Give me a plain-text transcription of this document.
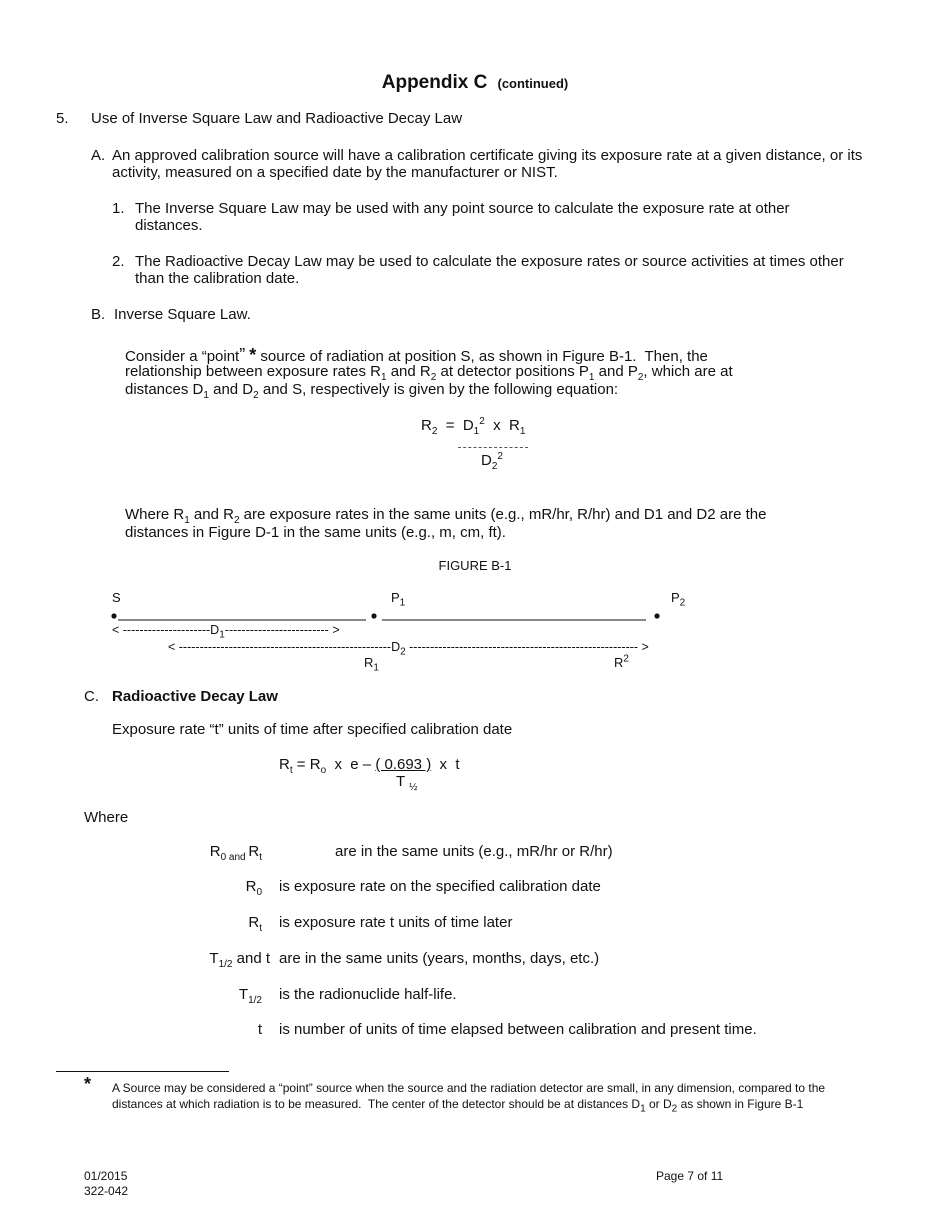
Appendix C (continued)
5. Use of Inverse Square Law and Radioactive Decay Law
A. An approved calibration source will have a calibration certificate giving its exposure rate at a given distance, or its
activity, measured on a specified date by the manufacturer or NIST.
1. The Inverse Square Law may be used with any point source to calculate the exposure rate at other
distances.
2. The Radioactive Decay Law may be used to calculate the exposure rates or source activities at times other
than the calibration date.
B. Inverse Square Law.
Consider a “point” * source of radiation at position S, as shown in Figure B-1.  Then, the
relationship between exposure rates $R_1$ and $R_2$ at detector positions $P_1$ and $P_2$, which are at
distances $D_1$ and $D_2$ and S, respectively is given by the following equation:
$R_2 = D_1^2$  x  $R_1$
$D_2^2$
Where $R_1$ and $R_2$ are exposure rates in the same units (e.g., mR/hr, R/hr) and D1 and D2 are the
distances in Figure D-1 in the same units (e.g., m, cm, ft).
FIGURE B-1
S	$P_1$	$P_2$
< $---------------------D_1-------------------------$ >
< $---------------------------------------------------D_2$ ------------------------------------------------------- >
$R_1$	$R^2$
C. Radioactive Decay Law
Exposure rate “t” units of time after specified calibration date
$R_t = R_o$  x  e – ( 0.693 )  x  t
T $_{\frac{1}{2}}$
Where
$R_{0 and}$ $R_t$	are in the same units (e.g., mR/hr or R/hr)
$R_0$ is exposure rate on the specified calibration date
$R_t$ is exposure rate t units of time later
$T_{1/2}$ and t are in the same units (years, months, days, etc.)
$T_{1/2}$ is the radionuclide half-life.
t is number of units of time elapsed between calibration and present time.
* A Source may be considered a “point” source when the source and the radiation detector are small, in any dimension, compared to the
distances at which radiation is to be measured.  The center of the detector should be at distances $D_1$ or $D_2$ as shown in Figure B-1
01/2015
322-042
Page 7 of 11
